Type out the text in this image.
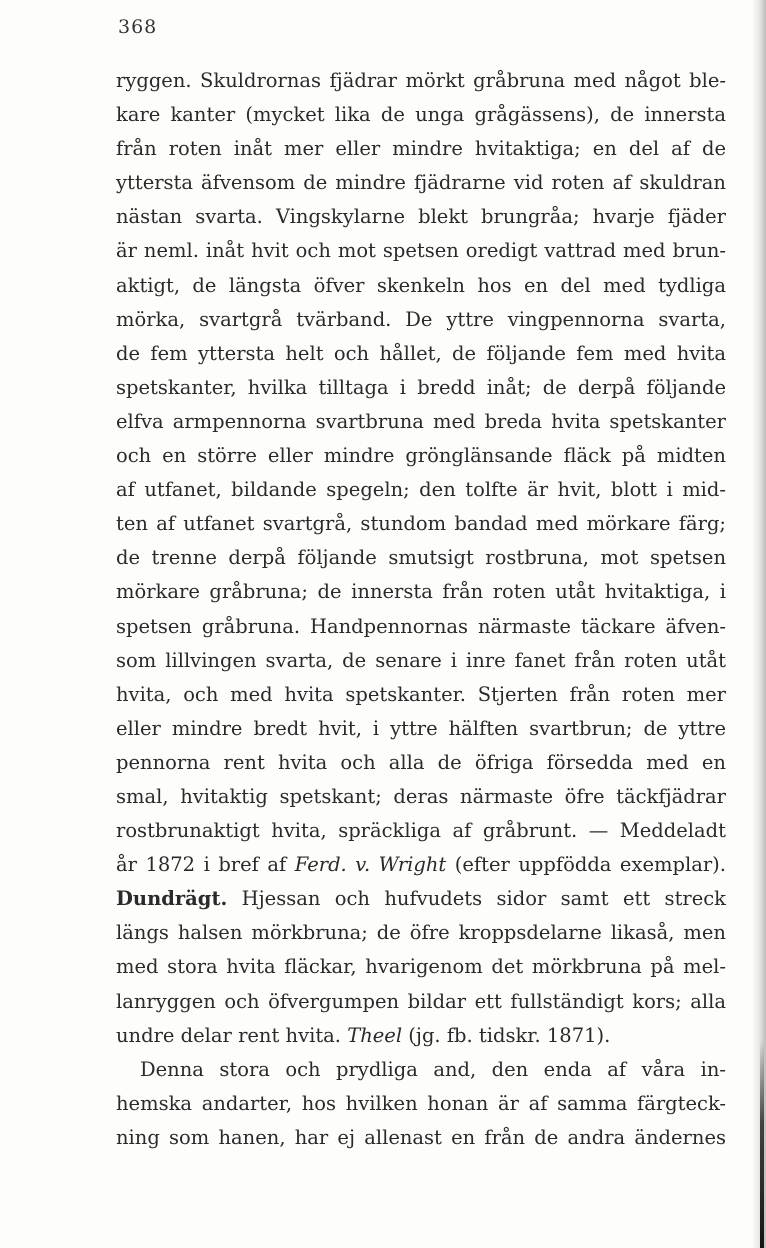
368
ryggen. Skuldrornas fjädrar mörkt gråbruna med något ble-
kare kanter (mycket lika de unga grågässens), de innersta
från roten inåt mer eller mindre hvitaktiga; en del af de
yttersta äfvensom de mindre fjädrarne vid roten af skuldran
nästan svarta. Vingskylarne blekt brungråa; hvarje fjäder
är neml. inåt hvit och mot spetsen oredigt vattrad med brun-
aktigt, de längsta öfver skenkeln hos en del med tydliga
mörka, svartgrå tvärband. De yttre vingpennorna svarta,
de fem yttersta helt och hållet, de följande fem med hvita
spetskanter, hvilka tilltaga i bredd inåt; de derpå följande
elfva armpennorna svartbruna med breda hvita spetskanter
och en större eller mindre grönglänsande fläck på midten
af utfanet, bildande spegeln; den tolfte är hvit, blott i mid-
ten af utfanet svartgrå, stundom bandad med mörkare färg;
de trenne derpå följande smutsigt rostbruna, mot spetsen
mörkare gråbruna; de innersta från roten utåt hvitaktiga, i
spetsen gråbruna. Handpennornas närmaste täckare äfven-
som lillvingen svarta, de senare i inre fanet från roten utåt
hvita, och med hvita spetskanter. Stjerten från roten mer
eller mindre bredt hvit, i yttre hälften svartbrun; de yttre
pennorna rent hvita och alla de öfriga försedda med en
smal, hvitaktig spetskant; deras närmaste öfre täckfjädrar
rostbrunaktigt hvita, spräckliga af gråbrunt. — Meddeladt
år 1872 i bref af Ferd. v. Wright (efter uppfödda exemplar).
Dundrägt. Hjessan och hufvudets sidor samt ett streck
längs halsen mörkbruna; de öfre kroppsdelarne likaså, men
med stora hvita fläckar, hvarigenom det mörkbruna på mel-
lanryggen och öfvergumpen bildar ett fullständigt kors; alla
undre delar rent hvita. Theel (jg. fb. tidskr. 1871).
Denna stora och prydliga and, den enda af våra in-
hemska andarter, hos hvilken honan är af samma färgteck-
ning som hanen, har ej allenast en från de andra ändernes
